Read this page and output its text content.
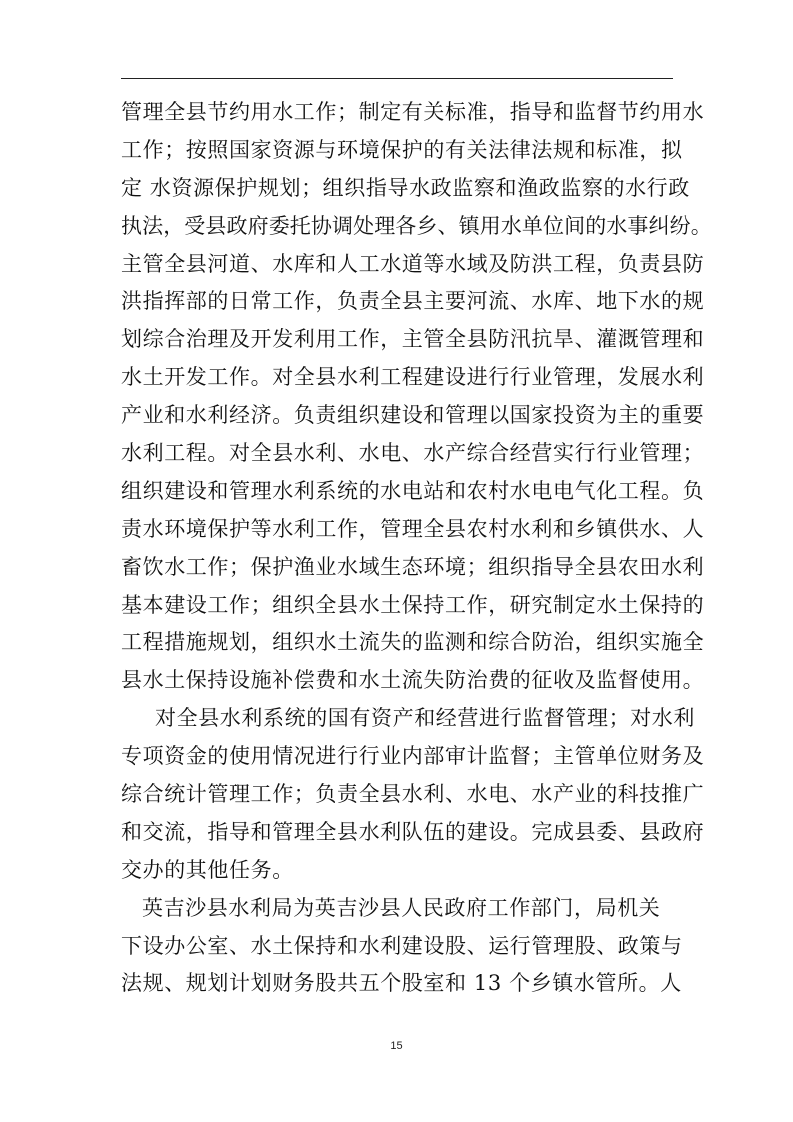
管理全县节约用水工作；制定有关标准，指导和监督节约用水
工作；按照国家资源与环境保护的有关法律法规和标准，拟
定 水资源保护规划；组织指导水政监察和渔政监察的水行政
执法，受县政府委托协调处理各乡、镇用水单位间的水事纠纷。
主管全县河道、水库和人工水道等水域及防洪工程，负责县防
洪指挥部的日常工作，负责全县主要河流、水库、地下水的规
划综合治理及开发利用工作，主管全县防汛抗旱、灌溉管理和
水土开发工作。对全县水利工程建设进行行业管理，发展水利
产业和水利经济。负责组织建设和管理以国家投资为主的重要
水利工程。对全县水利、水电、水产综合经营实行行业管理；
组织建设和管理水利系统的水电站和农村水电电气化工程。负
责水环境保护等水利工作，管理全县农村水利和乡镇供水、人
畜饮水工作；保护渔业水域生态环境；组织指导全县农田水利
基本建设工作；组织全县水土保持工作，研究制定水土保持的
工程措施规划，组织水土流失的监测和综合防治，组织实施全
县水土保持设施补偿费和水土流失防治费的征收及监督使用。
对全县水利系统的国有资产和经营进行监督管理；对水利
专项资金的使用情况进行行业内部审计监督；主管单位财务及
综合统计管理工作；负责全县水利、水电、水产业的科技推广
和交流，指导和管理全县水利队伍的建设。完成县委、县政府
交办的其他任务。
英吉沙县水利局为英吉沙县人民政府工作部门，局机关
下设办公室、水土保持和水利建设股、运行管理股、政策与
法规、规划计划财务股共五个股室和 13 个乡镇水管所。人
15
